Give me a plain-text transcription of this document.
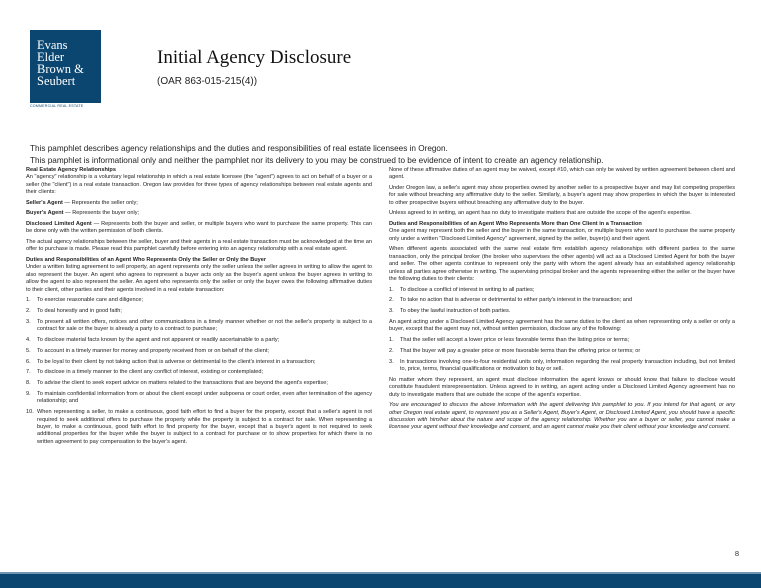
Evans
Elder
Brown &
Seubert
COMMERCIAL REAL ESTATE
Initial Agency Disclosure
(OAR 863-015-215(4))

This pamphlet describes agency relationships and the duties and responsibilities of real estate licensees in Oregon.

This pamphlet is informational only and neither the pamphlet nor its delivery to you may be construed to be evidence of intent to create an agency relationship.

Real Estate Agency Relationships

An "agency" relationship is a voluntary legal relationship in which a real estate licensee (the "agent") agrees to act on behalf of a buyer or a seller (the "client") in a real estate transaction. Oregon law provides for three types of agency relationships between real estate agents and their clients:

Seller's Agent — Represents the seller only;

Buyer's Agent — Represents the buyer only;

Disclosed Limited Agent — Represents both the buyer and seller, or multiple buyers who want to purchase the same property. This can be done only with the written permission of both clients.

The actual agency relationships between the seller, buyer and their agents in a real estate transaction must be acknowledged at the time an offer to purchase is made. Please read this pamphlet carefully before entering into an agency relationship with a real estate agent.

Duties and Responsibilities of an Agent Who Represents Only the Seller or Only the Buyer

Under a written listing agreement to sell property, an agent represents only the seller unless the seller agrees in writing to allow the agent to also represent the buyer. An agent who agrees to represent a buyer acts only as the buyer's agent unless the buyer agrees in writing to allow the agent to also represent the seller. An agent who represents only the seller or only the buyer owes the following affirmative duties to their client, other parties and their agents involved in a real estate transaction:

1.	To exercise reasonable care and diligence;
2.	To deal honestly and in good faith;
3.	To present all written offers, notices and other communications in a timely manner whether or not the seller's property is subject to a contract for sale or the buyer is already a party to a contract to purchase;
4.	To disclose material facts known by the agent and not apparent or readily ascertainable to a party;
5.	To account in a timely manner for money and property received from or on behalf of the client;
6.	To be loyal to their client by not taking action that is adverse or detrimental to the client's interest in a transaction;
7.	To disclose in a timely manner to the client any conflict of interest, existing or contemplated;
8.	To advise the client to seek expert advice on matters related to the transactions that are beyond the agent's expertise;
9.	To maintain confidential information from or about the client except under subpoena or court order, even after termination of the agency relationship; and
10. When representing a seller, to make a continuous, good faith effort to find a buyer for the property, except that a seller's agent is not required to seek additional offers to purchase the property while the property is subject to a contract for sale. When representing a buyer, to make a continuous, good faith effort to find property for the buyer, except that a buyer's agent is not required to seek additional properties for the buyer while the buyer is subject to a contract for purchase or to show properties for which there is no written agreement to pay compensation to the buyer's agent.

None of these affirmative duties of an agent may be waived, except #10, which can only be waived by written agreement between client and agent.

Under Oregon law, a seller's agent may show properties owned by another seller to a prospective buyer and may list competing properties for sale without breaching any affirmative duty to the seller. Similarly, a buyer's agent may show properties in which the buyer is interested to other prospective buyers without breaching any affirmative duty to the buyer.

Unless agreed to in writing, an agent has no duty to investigate matters that are outside the scope of the agent's expertise.

Duties and Responsibilities of an Agent Who Represents More than One Client in a Transaction

One agent may represent both the seller and the buyer in the same transaction, or multiple buyers who want to purchase the same property only under a written "Disclosed Limited Agency" agreement, signed by the seller, buyer(s) and their agent.

When different agents associated with the same real estate firm establish agency relationships with different parties to the same transaction, only the principal broker (the broker who supervises the other agents) will act as a Disclosed Limited Agent for both the buyer and seller. The other agents continue to represent only the party with whom the agent already has an established agency relationship unless all parties agree otherwise in writing. The supervising principal broker and the agents representing either the seller or the buyer have the following duties to their clients:

1.	To disclose a conflict of interest in writing to all parties;
2.	To take no action that is adverse or detrimental to either party's interest in the transaction; and
3.	To obey the lawful instruction of both parties.

An agent acting under a Disclosed Limited Agency agreement has the same duties to the client as when representing only a seller or only a buyer, except that the agent may not, without written permission, disclose any of the following:

1.	That the seller will accept a lower price or less favorable terms than the listing price or terms;
2.	That the buyer will pay a greater price or more favorable terms than the offering price or terms; or
3.	In transactions involving one-to-four residential units only, information regarding the real property transaction including, but not limited to, price, terms, financial qualifications or motivation to buy or sell.

No matter whom they represent, an agent must disclose information the agent knows or should know that failure to disclose would constitute fraudulent misrepresentation. Unless agreed to in writing, an agent acting under a Disclosed Limited Agency agreement has no duty to investigate matters that are outside the scope of the agent's expertise.

You are encouraged to discuss the above information with the agent delivering this pamphlet to you. If you intend for that agent, or any other Oregon real estate agent, to represent you as a Seller's Agent, Buyer's Agent, or Disclosed Limited Agent, you should have a specific discussion with him/her about the nature and scope of the agency relationship. Whether you are a buyer or seller, you cannot make a licensee your agent without their knowledge and consent, and an agent cannot make you their client without your knowledge and consent.

8
